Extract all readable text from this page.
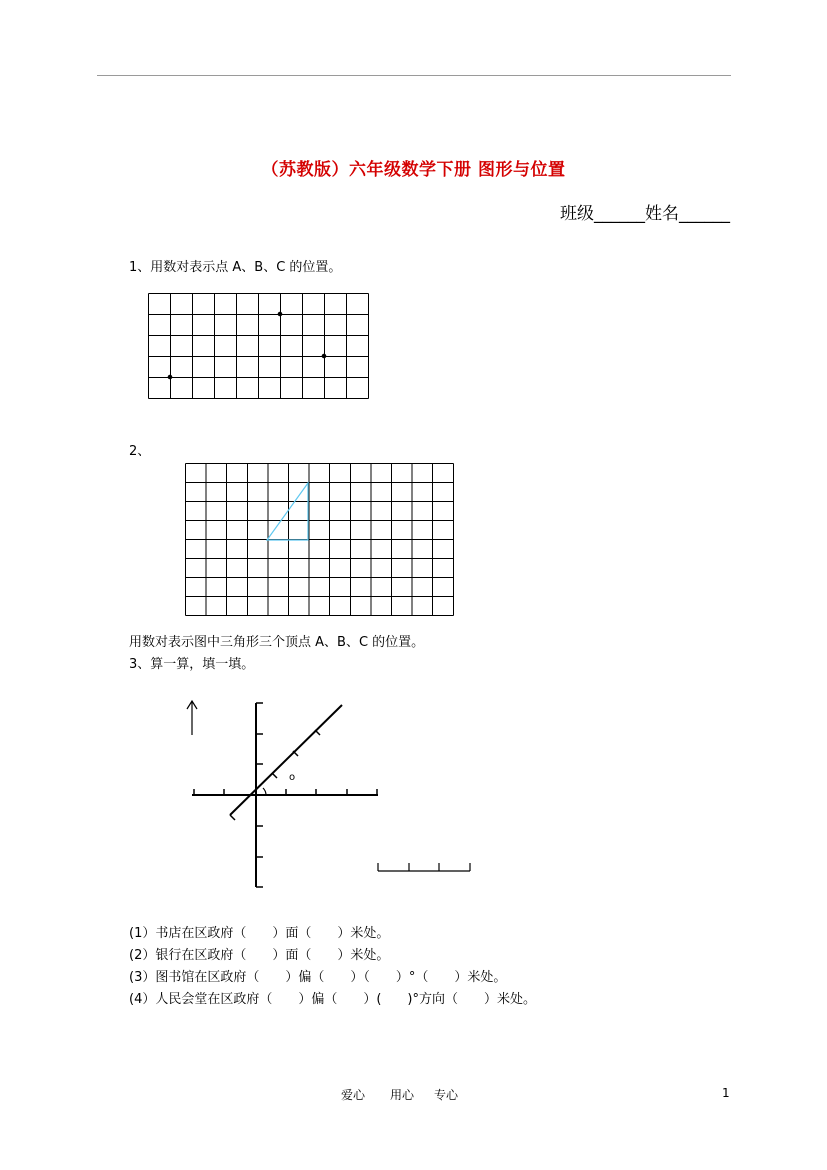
（苏教版）六年级数学下册 图形与位置
班级______姓名______
1、用数对表示点 A、B、C 的位置。
2、
用数对表示图中三角形三个顶点 A、B、C 的位置。
3、算一算，填一填。
o
(1）书店在区政府（　　）面（　　）米处。
(2）银行在区政府（　　）面（　　）米处。
(3）图书馆在区政府（　　）偏（　　）（　　）°（　　）米处。
(4）人民会堂在区政府（　　）偏（　　）(　　)°方向（　　）米处。
爱心 用心 专心	1
